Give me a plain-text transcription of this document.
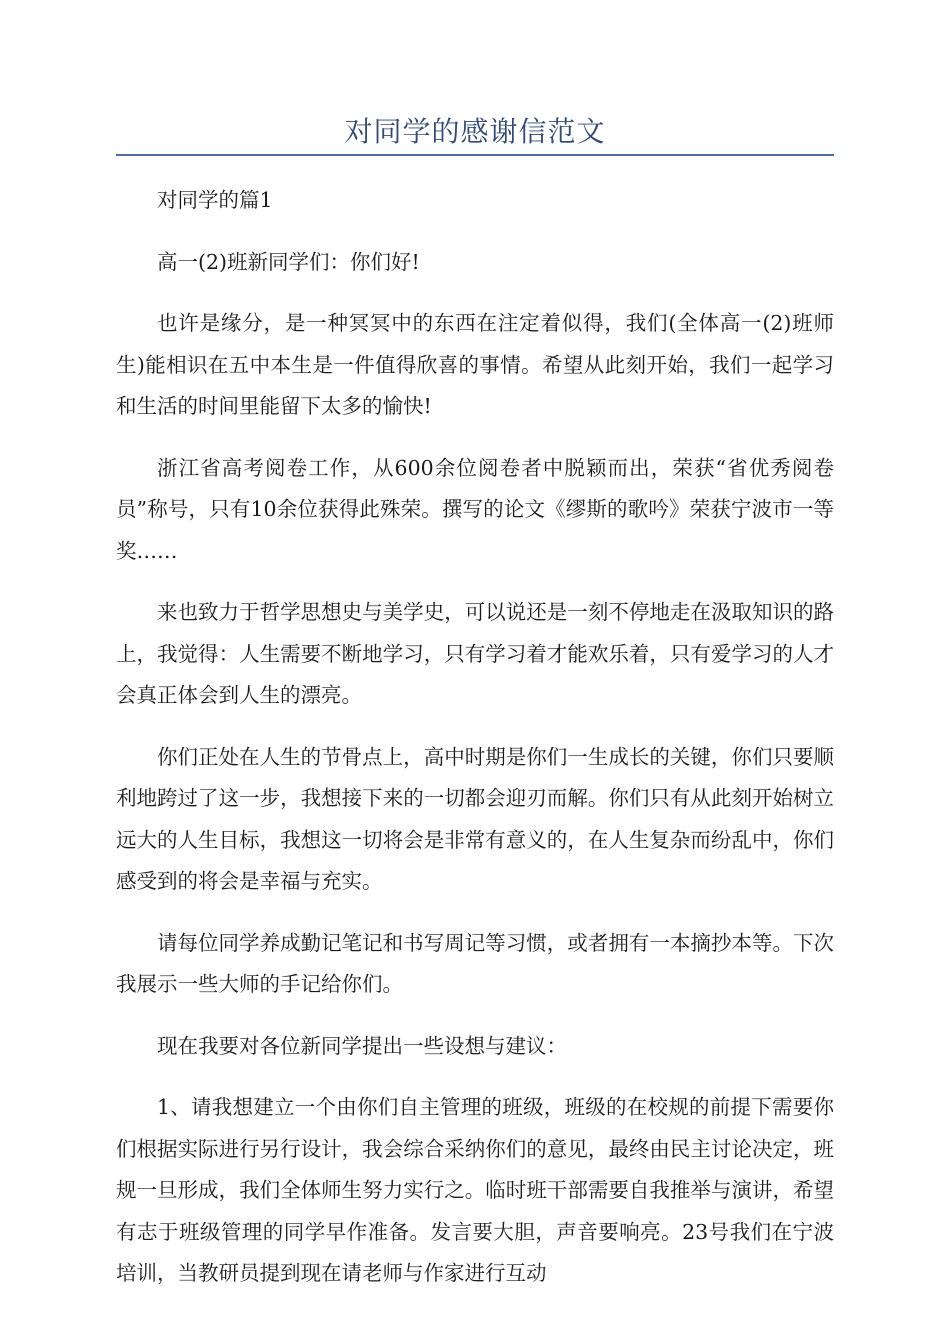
对同学的感谢信范文

对同学的篇1

高一(2)班新同学们：你们好!

也许是缘分，是一种冥冥中的东西在注定着似得，我们(全体高一(2)班师生)能相识在五中本生是一件值得欣喜的事情。希望从此刻开始，我们一起学习和生活的时间里能留下太多的愉快!

浙江省高考阅卷工作，从600余位阅卷者中脱颖而出，荣获“省优秀阅卷员”称号，只有10余位获得此殊荣。撰写的论文《缪斯的歌吟》荣获宁波市一等奖……

来也致力于哲学思想史与美学史，可以说还是一刻不停地走在汲取知识的路上，我觉得：人生需要不断地学习，只有学习着才能欢乐着，只有爱学习的人才会真正体会到人生的漂亮。

你们正处在人生的节骨点上，高中时期是你们一生成长的关键，你们只要顺利地跨过了这一步，我想接下来的一切都会迎刃而解。你们只有从此刻开始树立远大的人生目标，我想这一切将会是非常有意义的，在人生复杂而纷乱中，你们感受到的将会是幸福与充实。

请每位同学养成勤记笔记和书写周记等习惯，或者拥有一本摘抄本等。下次我展示一些大师的手记给你们。

现在我要对各位新同学提出一些设想与建议：

1、请我想建立一个由你们自主管理的班级，班级的在校规的前提下需要你们根据实际进行另行设计，我会综合采纳你们的意见，最终由民主讨论决定，班规一旦形成，我们全体师生努力实行之。临时班干部需要自我推举与演讲，希望有志于班级管理的同学早作准备。发言要大胆，声音要响亮。23号我们在宁波培训，当教研员提到现在请老师与作家进行互动
